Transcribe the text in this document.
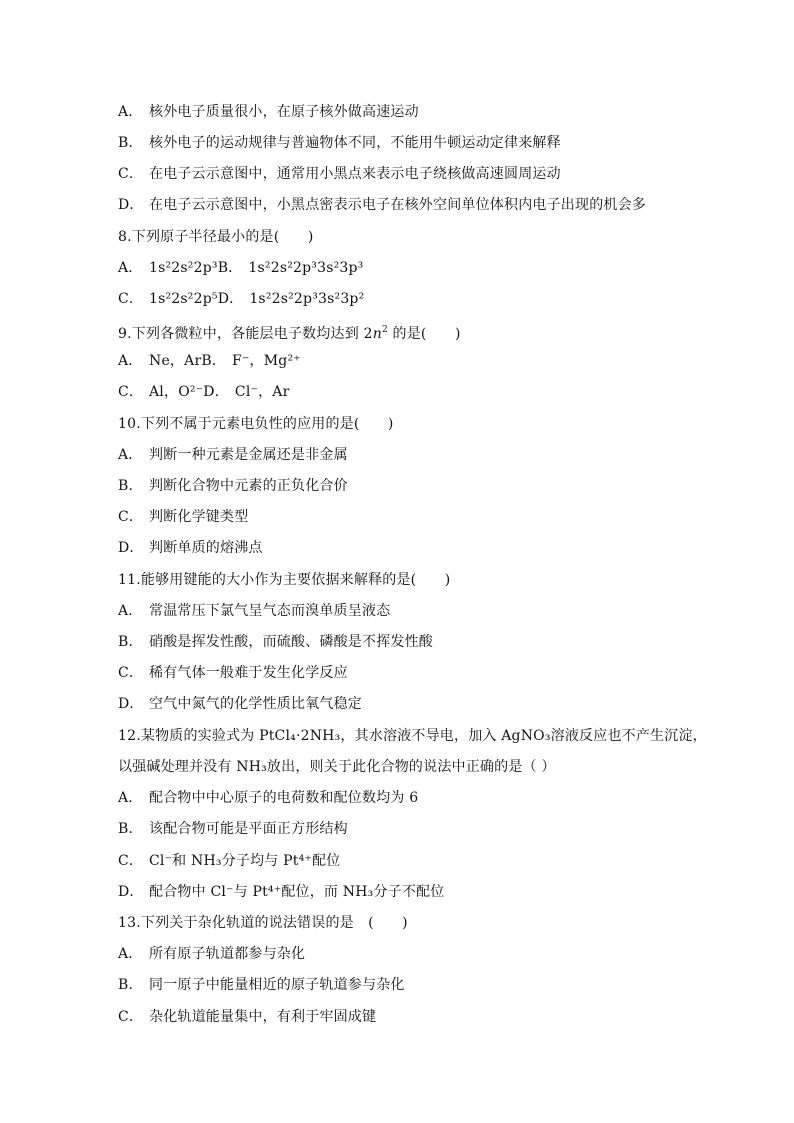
A． 核外电子质量很小，在原子核外做高速运动
B． 核外电子的运动规律与普遍物体不同，不能用牛顿运动定律来解释
C． 在电子云示意图中，通常用小黑点来表示电子绕核做高速圆周运动
D． 在电子云示意图中，小黑点密表示电子在核外空间单位体积内电子出现的机会多
8.下列原子半径最小的是(　　)
A． 1s²2s²2p³B． 1s²2s²2p³3s²3p³
C． 1s²2s²2p⁵D． 1s²2s²2p³3s²3p²
9.下列各微粒中，各能层电子数均达到 $2n^2$ 的是(　　)
A． Ne，ArB． F⁻，Mg²⁺
C． Al，O²⁻D． Cl⁻，Ar
10.下列不属于元素电负性的应用的是(　　)
A． 判断一种元素是金属还是非金属
B． 判断化合物中元素的正负化合价
C． 判断化学键类型
D． 判断单质的熔沸点
11.能够用键能的大小作为主要依据来解释的是(　　)
A． 常温常压下氯气呈气态而溴单质呈液态
B． 硝酸是挥发性酸，而硫酸、磷酸是不挥发性酸
C． 稀有气体一般难于发生化学反应
D． 空气中氮气的化学性质比氧气稳定
12.某物质的实验式为 PtCl₄·2NH₃，其水溶液不导电，加入 AgNO₃溶液反应也不产生沉淀，
以强碱处理并没有 NH₃放出，则关于此化合物的说法中正确的是（ ）
A． 配合物中中心原子的电荷数和配位数均为 6
B． 该配合物可能是平面正方形结构
C． Cl⁻和 NH₃分子均与 Pt⁴⁺配位
D． 配合物中 Cl⁻与 Pt⁴⁺配位，而 NH₃分子不配位
13.下列关于杂化轨道的说法错误的是　(　　)
A． 所有原子轨道都参与杂化
B． 同一原子中能量相近的原子轨道参与杂化
C． 杂化轨道能量集中，有利于牢固成键
